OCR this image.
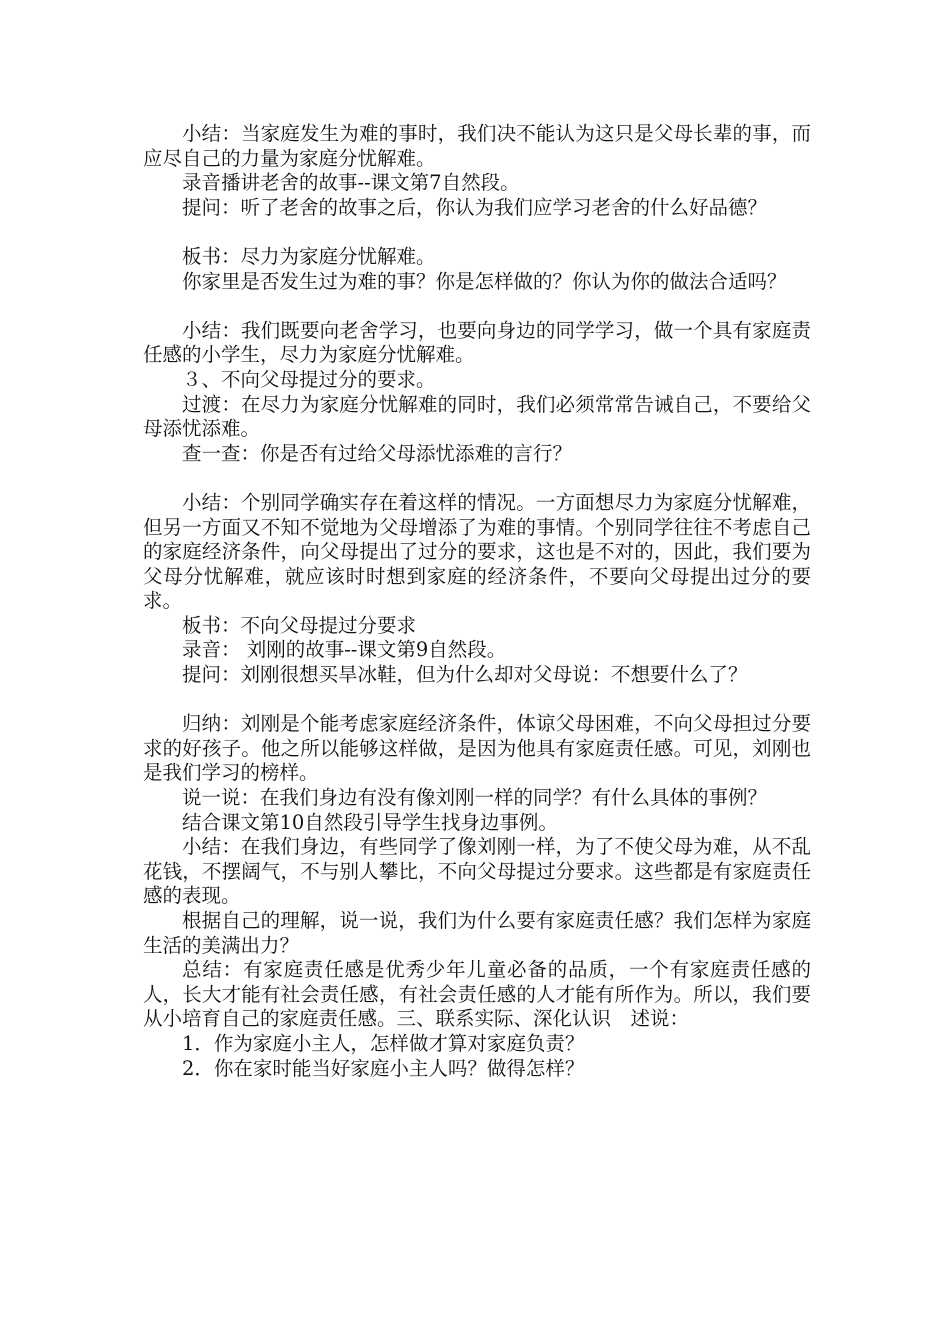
小结：当家庭发生为难的事时，我们决不能认为这只是父母长辈的事，而应尽自己的力量为家庭分忧解难。

录音播讲老舍的故事--课文第7自然段。

提问：听了老舍的故事之后，你认为我们应学习老舍的什么好品德？

板书：尽力为家庭分忧解难。

你家里是否发生过为难的事？你是怎样做的？你认为你的做法合适吗？

小结：我们既要向老舍学习，也要向身边的同学学习，做一个具有家庭责任感的小学生，尽力为家庭分忧解难。

３、不向父母提过分的要求。

过渡：在尽力为家庭分忧解难的同时，我们必须常常告诫自己，不要给父母添忧添难。

查一查：你是否有过给父母添忧添难的言行？

小结：个别同学确实存在着这样的情况。一方面想尽力为家庭分忧解难，但另一方面又不知不觉地为父母增添了为难的事情。个别同学往往不考虑自己的家庭经济条件，向父母提出了过分的要求，这也是不对的，因此，我们要为父母分忧解难，就应该时时想到家庭的经济条件，不要向父母提出过分的要求。

板书：不向父母提过分要求

录音： 刘刚的故事--课文第9自然段。

提问：刘刚很想买旱冰鞋，但为什么却对父母说：不想要什么了？

归纳：刘刚是个能考虑家庭经济条件，体谅父母困难，不向父母担过分要求的好孩子。他之所以能够这样做，是因为他具有家庭责任感。可见，刘刚也是我们学习的榜样。

说一说：在我们身边有没有像刘刚一样的同学？有什么具体的事例？

结合课文第10自然段引导学生找身边事例。

小结：在我们身边，有些同学了像刘刚一样，为了不使父母为难，从不乱花钱，不摆阔气，不与别人攀比，不向父母提过分要求。这些都是有家庭责任感的表现。

根据自己的理解，说一说，我们为什么要有家庭责任感？我们怎样为家庭生活的美满出力？

总结：有家庭责任感是优秀少年儿童必备的品质，一个有家庭责任感的人，长大才能有社会责任感，有社会责任感的人才能有所作为。所以，我们要从小培育自己的家庭责任感。三、联系实际、深化认识　述说：

1．作为家庭小主人，怎样做才算对家庭负责？

2．你在家时能当好家庭小主人吗？做得怎样？
